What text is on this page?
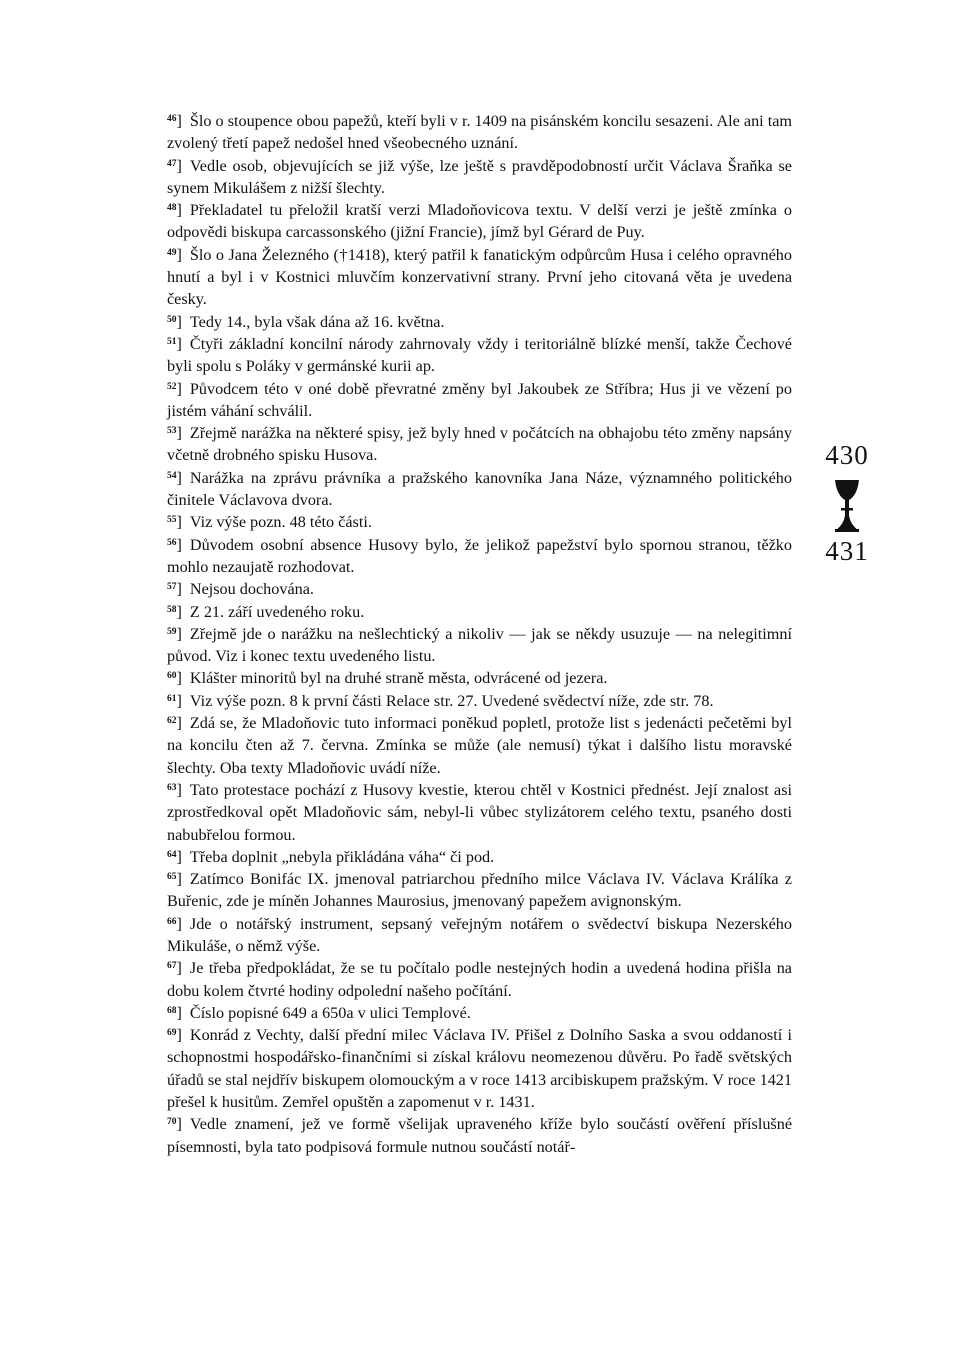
$^{46}$] Šlo o stoupence obou papežů, kteří byli v r. 1409 na pisánském koncilu sesazeni. Ale ani tam zvolený třetí papež nedošel hned všeobecného uznání.

$^{47}$] Vedle osob, objevujících se již výše, lze ještě s pravděpodobností určit Václava Šraňka se synem Mikulášem z nižší šlechty.

$^{48}$] Překladatel tu přeložil kratší verzi Mladoňovicova textu. V delší verzi je ještě zmínka o odpovědi biskupa carcassonského (jižní Francie), jímž byl Gérard de Puy.

$^{49}$] Šlo o Jana Železného (†1418), který patřil k fanatickým odpůrcům Husa i celého opravného hnutí a byl i v Kostnici mluvčím konzervativní strany. První jeho citovaná věta je uvedena česky.

$^{50}$] Tedy 14., byla však dána až 16. května.

$^{51}$] Čtyři základní koncilní národy zahrnovaly vždy i teritoriálně blízké menší, takže Čechové byli spolu s Poláky v germánské kurii ap.

$^{52}$] Původcem této v oné době převratné změny byl Jakoubek ze Stříbra; Hus ji ve vězení po jistém váhání schválil.

$^{53}$] Zřejmě narážka na některé spisy, jež byly hned v počátcích na obhajobu této změny napsány včetně drobného spisku Husova.

$^{54}$] Narážka na zprávu právníka a pražského kanovníka Jana Náze, významného politického činitele Václavova dvora.

$^{55}$] Viz výše pozn. 48 této části.

$^{56}$] Důvodem osobní absence Husovy bylo, že jelikož papežství bylo spornou stranou, těžko mohlo nezaujatě rozhodovat.

$^{57}$] Nejsou dochována.

$^{58}$] Z 21. září uvedeného roku.

$^{59}$] Zřejmě jde o narážku na nešlechtický a nikoliv — jak se někdy usuzuje — na nelegitimní původ. Viz i konec textu uvedeného listu.

$^{60}$] Klášter minoritů byl na druhé straně města, odvrácené od jezera.

$^{61}$] Viz výše pozn. 8 k první části Relace str. 27. Uvedené svědectví níže, zde str. 78.

$^{62}$] Zdá se, že Mladoňovic tuto informaci poněkud popletl, protože list s jedenácti pečetěmi byl na koncilu čten až 7. června. Zmínka se může (ale nemusí) týkat i dalšího listu moravské šlechty. Oba texty Mladoňovic uvádí níže.

$^{63}$] Tato protestace pochází z Husovy kvestie, kterou chtěl v Kostnici přednést. Její znalost asi zprostředkoval opět Mladoňovic sám, nebyl-li vůbec stylizátorem celého textu, psaného dosti nabubřelou formou.

$^{64}$] Třeba doplnit „nebyla přikládána váha“ či pod.

$^{65}$] Zatímco Bonifác IX. jmenoval patriarchou předního milce Václava IV. Václava Králíka z Buřenic, zde je míněn Johannes Maurosius, jmenovaný papežem avignonským.

$^{66}$] Jde o notářský instrument, sepsaný veřejným notářem o svědectví biskupa Nezerského Mikuláše, o němž výše.

$^{67}$] Je třeba předpokládat, že se tu počítalo podle nestejných hodin a uvedená hodina přišla na dobu kolem čtvrté hodiny odpolední našeho počítání.

$^{68}$] Číslo popisné 649 a 650a v ulici Templové.

$^{69}$] Konrád z Vechty, další přední milec Václava IV. Přišel z Dolního Saska a svou oddaností i schopnostmi hospodářsko-finančními si získal královu neomezenou důvěru. Po řadě světských úřadů se stal nejdřív biskupem olomouckým a v roce 1413 arcibiskupem pražským. V roce 1421 přešel k husitům. Zemřel opuštěn a zapomenut v r. 1431.

$^{70}$] Vedle znamení, jež ve formě všelijak upraveného kříže bylo součástí ověření příslušné písemnosti, byla tato podpisová formule nutnou součástí notář-

430
431
